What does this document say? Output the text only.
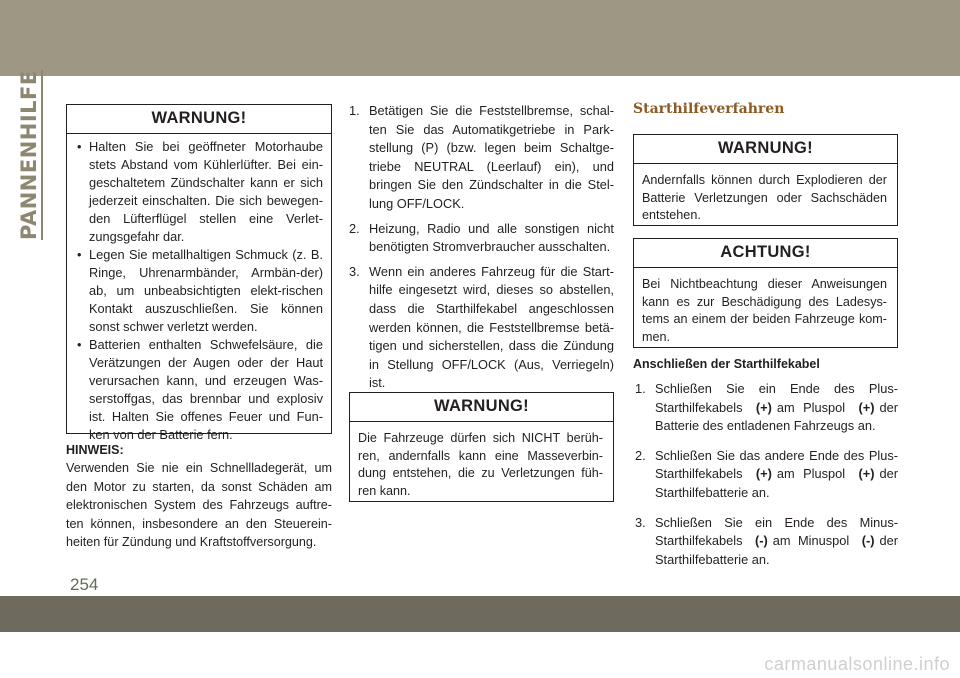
PANNENHILFE	WARNUNG!
• Halten Sie bei geöffneter Motorhaube stets Abstand vom Kühlerlüfter. Bei ein-geschaltetem Zündschalter kann er sich jederzeit einschalten. Die sich bewegen-den Lüfterflügel stellen eine Verlet-zungsgefahr dar.
• Legen Sie metallhaltigen Schmuck (z. B. Ringe, Uhrenarmbänder, Armbän-der) ab, um unbeabsichtigten elekt-rischen Kontakt auszuschließen. Sie können sonst schwer verletzt werden.
• Batterien enthalten Schwefelsäure, die Verätzungen der Augen oder der Haut verursachen kann, und erzeugen Was-serstoffgas, das brennbar und explosiv ist. Halten Sie offenes Feuer und Fun-ken von der Batterie fern.
HINWEIS:
Verwenden Sie nie ein Schnellladegerät, um den Motor zu starten, da sonst Schäden am elektronischen System des Fahrzeugs auftre-ten können, insbesondere an den Steuerein-heiten für Zündung und Kraftstoffversorgung.
1. Betätigen Sie die Feststellbremse, schal-ten Sie das Automatikgetriebe in Park-stellung (P) (bzw. legen beim Schaltge-triebe NEUTRAL (Leerlauf) ein), und bringen Sie den Zündschalter in die Stel-lung OFF/LOCK.
2. Heizung, Radio und alle sonstigen nicht benötigten Stromverbraucher ausschalten.
3. Wenn ein anderes Fahrzeug für die Start-hilfe eingesetzt wird, dieses so abstellen, dass die Starthilfekabel angeschlossen werden können, die Feststellbremse betä-tigen und sicherstellen, dass die Zündung in Stellung OFF/LOCK (Aus, Verriegeln) ist.
WARNUNG!
Die Fahrzeuge dürfen sich NICHT berüh-ren, andernfalls kann eine Masseverbin-dung entstehen, die zu Verletzungen füh-ren kann.
Starthilfeverfahren
WARNUNG!
Andernfalls können durch Explodieren der Batterie Verletzungen oder Sachschäden entstehen.
ACHTUNG!
Bei Nichtbeachtung dieser Anweisungen kann es zur Beschädigung des Ladesys-tems an einem der beiden Fahrzeuge kom-men.
Anschließen der Starthilfekabel
1. Schließen Sie ein Ende des Plus-Starthilfekabels (+) am Pluspol (+) der Batterie des entladenen Fahrzeugs an.
2. Schließen Sie das andere Ende des Plus-Starthilfekabels (+) am Pluspol (+) der Starthilfebatterie an.
3. Schließen Sie ein Ende des Minus-Starthilfekabels (-) am Minuspol (-) der Starthilfebatterie an.
254
carmanualsonline.info
